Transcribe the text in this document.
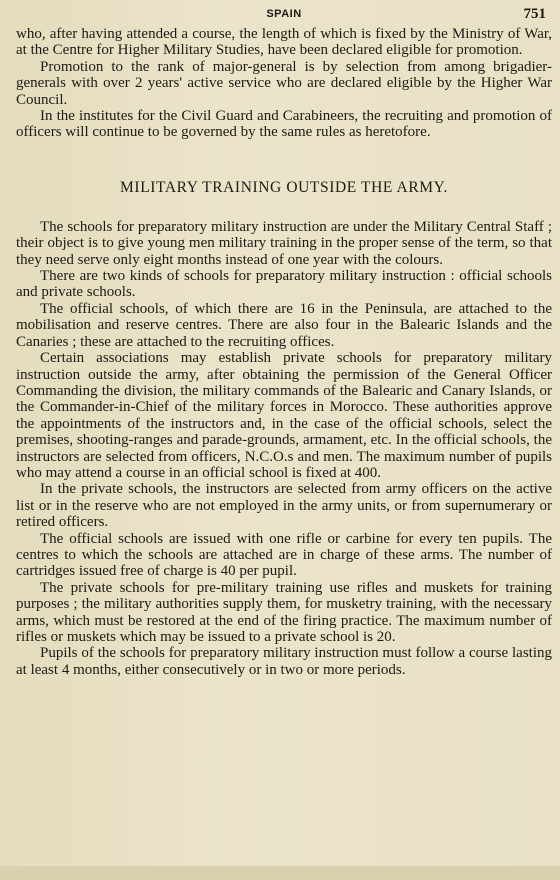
SPAIN	751

who, after having attended a course, the length of which is fixed by the Ministry of War, at the Centre for Higher Military Studies, have been declared eligible for promotion.

Promotion to the rank of major-general is by selection from among brigadier-generals with over 2 years' active service who are declared eligible by the Higher War Council.

In the institutes for the Civil Guard and Carabineers, the recruiting and promotion of officers will continue to be governed by the same rules as heretofore.

MILITARY TRAINING OUTSIDE THE ARMY.

The schools for preparatory military instruction are under the Military Central Staff ; their object is to give young men military training in the proper sense of the term, so that they need serve only eight months instead of one year with the colours.

There are two kinds of schools for preparatory military instruction : official schools and private schools.

The official schools, of which there are 16 in the Peninsula, are attached to the mobilisation and reserve centres. There are also four in the Balearic Islands and the Canaries ; these are attached to the recruiting offices.

Certain associations may establish private schools for preparatory military instruction outside the army, after obtaining the permission of the General Officer Commanding the division, the military commands of the Balearic and Canary Islands, or the Commander-in-Chief of the military forces in Morocco. These authorities approve the appointments of the instructors and, in the case of the official schools, select the premises, shooting-ranges and parade-grounds, armament, etc. In the official schools, the instructors are selected from officers, N.C.O.s and men. The maximum number of pupils who may attend a course in an official school is fixed at 400.

In the private schools, the instructors are selected from army officers on the active list or in the reserve who are not employed in the army units, or from supernumerary or retired officers.

The official schools are issued with one rifle or carbine for every ten pupils. The centres to which the schools are attached are in charge of these arms. The number of cartridges issued free of charge is 40 per pupil.

The private schools for pre-military training use rifles and muskets for training purposes ; the military authorities supply them, for musketry training, with the necessary arms, which must be restored at the end of the firing practice. The maximum number of rifles or muskets which may be issued to a private school is 20.

Pupils of the schools for preparatory military instruction must follow a course lasting at least 4 months, either consecutively or in two or more periods.
